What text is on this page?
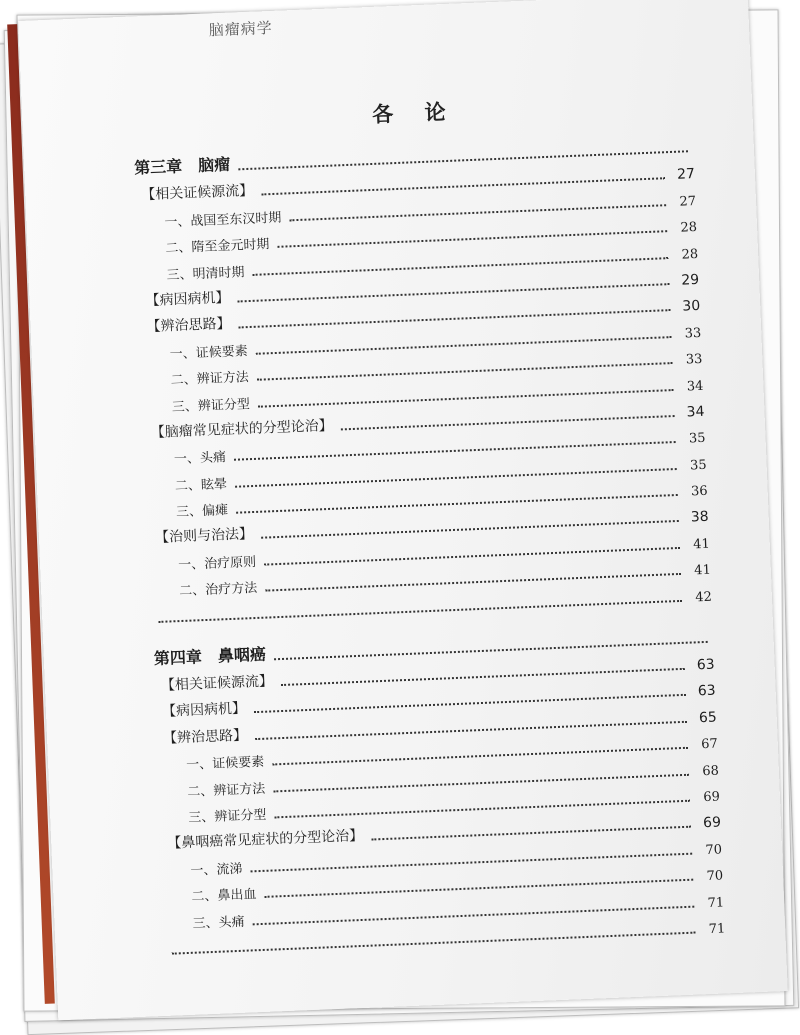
脑瘤病学
各 论
第三章　脑瘤
【相关证候源流】
27
一、战国至东汉时期
27
二、隋至金元时期
28
三、明清时期
28
【病因病机】
29
【辨治思路】
30
一、证候要素
33
二、辨证方法
33
三、辨证分型
34
【脑瘤常见症状的分型论治】
34
一、头痛
35
二、眩晕
35
三、偏瘫
36
【治则与治法】
38
一、治疗原则
41
二、治疗方法
41
42
第四章　鼻咽癌
【相关证候源流】
63
【病因病机】
63
【辨治思路】
65
一、证候要素
67
二、辨证方法
68
三、辨证分型
69
【鼻咽癌常见症状的分型论治】
69
一、流涕
70
二、鼻出血
70
三、头痛
71
71
